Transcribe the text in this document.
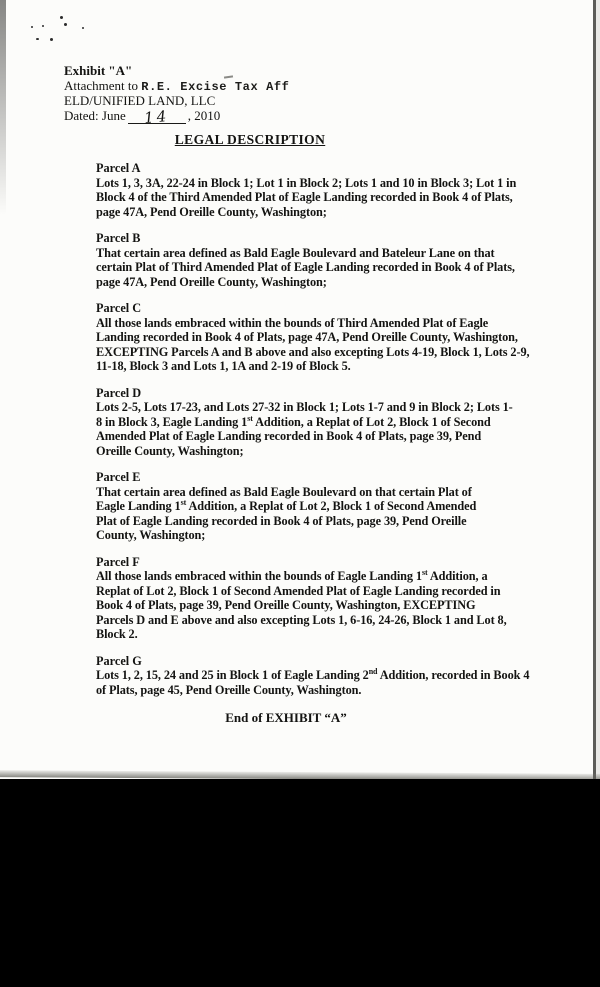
Exhibit "A"
Attachment to R.E. Excise Tax Aff
ELD/UNIFIED LAND, LLC
Dated: June 14 , 2010
LEGAL DESCRIPTION
Parcel A
Lots 1, 3, 3A, 22-24 in Block 1; Lot 1 in Block 2; Lots 1 and 10 in Block 3; Lot 1 in Block 4 of the Third Amended Plat of Eagle Landing recorded in Book 4 of Plats, page 47A, Pend Oreille County, Washington;
Parcel B
That certain area defined as Bald Eagle Boulevard and Bateleur Lane on that certain Plat of Third Amended Plat of Eagle Landing recorded in Book 4 of Plats, page 47A, Pend Oreille County, Washington;
Parcel C
All those lands embraced within the bounds of Third Amended Plat of Eagle Landing recorded in Book 4 of Plats, page 47A, Pend Oreille County, Washington, EXCEPTING Parcels A and B above and also excepting Lots 4-19, Block 1, Lots 2-9, 11-18, Block 3 and Lots 1, 1A and 2-19 of Block 5.
Parcel D
Lots 2-5, Lots 17-23, and Lots 27-32 in Block 1; Lots 1-7 and 9 in Block 2; Lots 1-8 in Block 3, Eagle Landing 1st Addition, a Replat of Lot 2, Block 1 of Second Amended Plat of Eagle Landing recorded in Book 4 of Plats, page 39, Pend Oreille County, Washington;
Parcel E
That certain area defined as Bald Eagle Boulevard on that certain Plat of Eagle Landing 1st Addition, a Replat of Lot 2, Block 1 of Second Amended Plat of Eagle Landing recorded in Book 4 of Plats, page 39, Pend Oreille County, Washington;
Parcel F
All those lands embraced within the bounds of Eagle Landing 1st Addition, a Replat of Lot 2, Block 1 of Second Amended Plat of Eagle Landing recorded in Book 4 of Plats, page 39, Pend Oreille County, Washington, EXCEPTING Parcels D and E above and also excepting Lots 1, 6-16, 24-26, Block 1 and Lot 8, Block 2.
Parcel G
Lots 1, 2, 15, 24 and 25 in Block 1 of Eagle Landing 2nd Addition, recorded in Book 4 of Plats, page 45, Pend Oreille County, Washington.
End of EXHIBIT “A”
